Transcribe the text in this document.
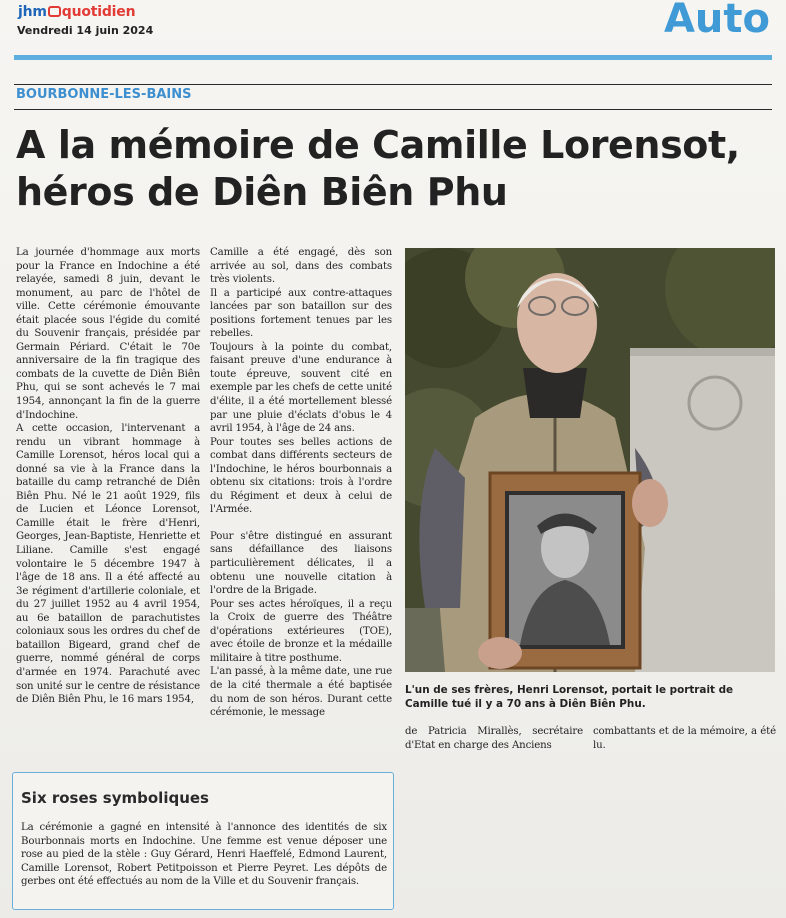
jhm quotidien
Vendredi 14 juin 2024	Auto
BOURBONNE-LES-BAINS
A la mémoire de Camille Lorensot, héros de Diên Biên Phu

La journée d'hommage aux morts pour la France en Indochine a été relayée, samedi 8 juin, devant le monument, au parc de l'hôtel de ville. Cette cérémonie émouvante était placée sous l'égide du comité du Souvenir français, présidée par Germain Périard. C'était le 70e anniversaire de la fin tragique des combats de la cuvette de Diên Biên Phu, qui se sont achevés le 7 mai 1954, annonçant la fin de la guerre d'Indochine.

A cette occasion, l'intervenant a rendu un vibrant hommage à Camille Lorensot, héros local qui a donné sa vie à la France dans la bataille du camp retranché de Diên Biên Phu. Né le 21 août 1929, fils de Lucien et Léonce Lorensot, Camille était le frère d'Henri, Georges, Jean-Baptiste, Henriette et Liliane. Camille s'est engagé volontaire le 5 décembre 1947 à l'âge de 18 ans. Il a été affecté au 3e régiment d'artillerie coloniale, et du 27 juillet 1952 au 4 avril 1954, au 6e bataillon de parachutistes coloniaux sous les ordres du chef de bataillon Bigeard, grand chef de guerre, nommé général de corps d'armée en 1974. Parachuté avec son unité sur le centre de résistance de Diên Biên Phu, le 16 mars 1954,

Camille a été engagé, dès son arrivée au sol, dans des combats très violents.

Il a participé aux contre-attaques lancées par son bataillon sur des positions fortement tenues par les rebelles.

Toujours à la pointe du combat, faisant preuve d'une endurance à toute épreuve, souvent cité en exemple par les chefs de cette unité d'élite, il a été mortellement blessé par une pluie d'éclats d'obus le 4 avril 1954, à l'âge de 24 ans.

Pour toutes ses belles actions de combat dans différents secteurs de l'Indochine, le héros bourbonnais a obtenu six citations: trois à l'ordre du Régiment et deux à celui de l'Armée.

Pour s'être distingué en assurant sans défaillance des liaisons particulièrement délicates, il a obtenu une nouvelle citation à l'ordre de la Brigade.

Pour ses actes héroïques, il a reçu la Croix de guerre des Théâtre d'opérations extérieures (TOE), avec étoile de bronze et la médaille militaire à titre posthume.

L'an passé, à la même date, une rue de la cité thermale a été baptisée du nom de son héros. Durant cette cérémonie, le message

L'un de ses frères, Henri Lorensot, portait le portrait de Camille tué il y a 70 ans à Diên Biên Phu.

de Patricia Mirallès, secrétaire d'Etat en charge des Anciens

combattants et de la mémoire, a été lu.

Six roses symboliques

La cérémonie a gagné en intensité à l'annonce des identités de six Bourbonnais morts en Indochine. Une femme est venue déposer une rose au pied de la stèle : Guy Gérard, Henri Haeffelé, Edmond Laurent, Camille Lorensot, Robert Petitpoisson et Pierre Peyret. Les dépôts de gerbes ont été effectués au nom de la Ville et du Souvenir français.
